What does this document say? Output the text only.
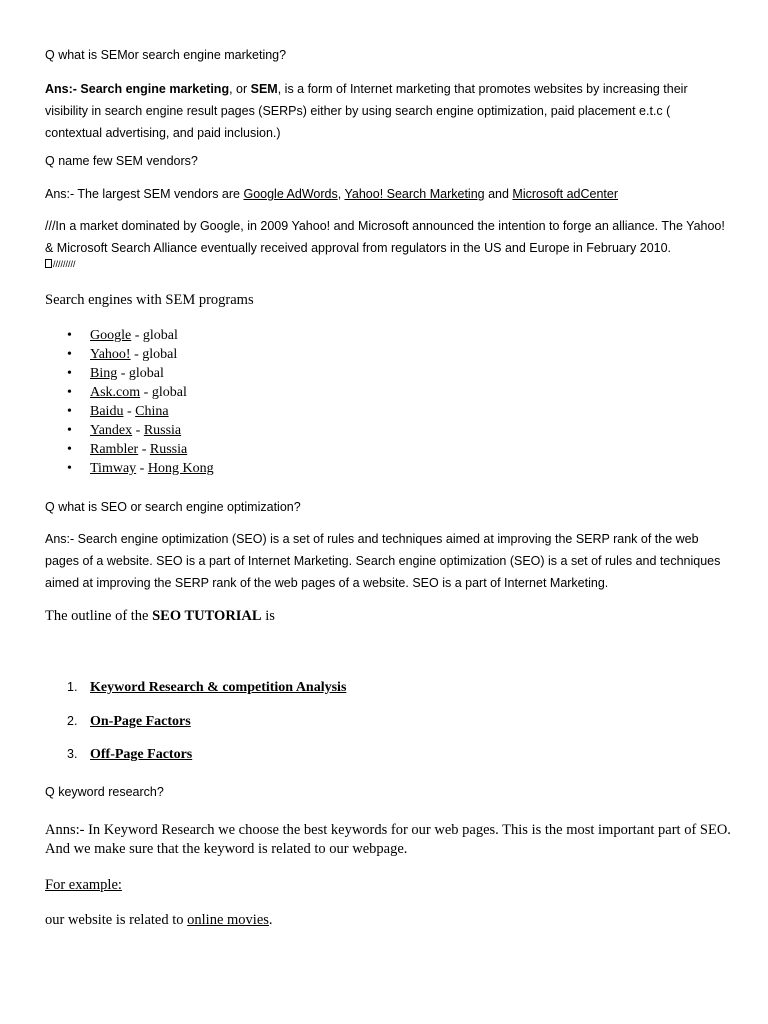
Q what is SEMor search engine marketing?

Ans:- Search engine marketing, or SEM, is a form of Internet marketing that promotes websites by increasing their visibility in search engine result pages (SERPs) either by using search engine optimization, paid placement e.t.c ( contextual advertising, and paid inclusion.)

Q name few SEM vendors?

Ans:- The largest SEM vendors are Google AdWords, Yahoo! Search Marketing and Microsoft adCenter

///In a market dominated by Google, in 2009 Yahoo! and Microsoft announced the intention to forge an alliance. The Yahoo! & Microsoft Search Alliance eventually received approval from regulators in the US and Europe in February 2010.

/////////

Search engines with SEM programs

• Google - global
• Yahoo! - global
• Bing - global
• Ask.com - global
• Baidu - China
• Yandex - Russia
• Rambler - Russia
• Timway - Hong Kong

Q what is SEO or search engine optimization?

Ans:- Search engine optimization (SEO) is a set of rules and techniques aimed at improving the SERP rank of the web pages of a website. SEO is a part of Internet Marketing. Search engine optimization (SEO) is a set of rules and techniques aimed at improving the SERP rank of the web pages of a website. SEO is a part of Internet Marketing.

The outline of the SEO TUTORIAL is

1. Keyword Research & competition Analysis
2. On-Page Factors
3. Off-Page Factors

Q keyword research?

Anns:- In Keyword Research we choose the best keywords for our web pages. This is the most important part of SEO. And we make sure that the keyword is related to our webpage.

For example:

our website is related to online movies.
